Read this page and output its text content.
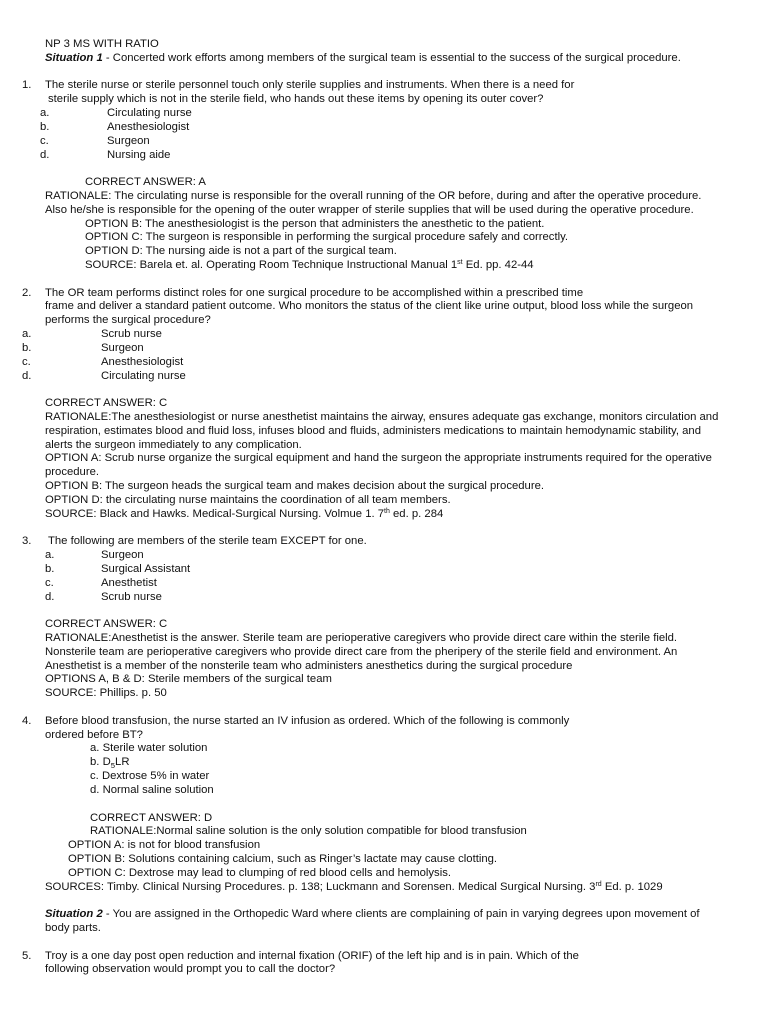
NP 3 MS WITH RATIO
Situation 1 - Concerted work efforts among members of the surgical team is essential to the success of the surgical procedure.
1. The sterile nurse or sterile personnel touch only sterile supplies and instruments. When there is a need for
sterile supply which is not in the sterile field, who hands out these items by opening its outer cover?
a.	Circulating nurse
b.	Anesthesiologist
c.	Surgeon
d.	Nursing aide
CORRECT ANSWER: A
RATIONALE: The circulating nurse is responsible for the overall running of the OR before, during and after the operative procedure.
Also he/she is responsible for the opening of the outer wrapper of sterile supplies that will be used during the operative procedure.
OPTION B: The anesthesiologist is the person that administers the anesthetic to the patient.
OPTION C: The surgeon is responsible in performing the surgical procedure safely and correctly.
OPTION D: The nursing aide is not a part of the surgical team.
SOURCE: Barela et. al. Operating Room Technique Instructional Manual 1st Ed. pp. 42-44
2. The OR team performs distinct roles for one surgical procedure to be accomplished within a prescribed time
frame and deliver a standard patient outcome. Who monitors the status of the client like urine output, blood loss while the surgeon
performs the surgical procedure?
a.	Scrub nurse
b.	Surgeon
c.	Anesthesiologist
d.	Circulating nurse
CORRECT ANSWER: C
RATIONALE:The anesthesiologist or nurse anesthetist maintains the airway, ensures adequate gas exchange, monitors circulation and
respiration, estimates blood and fluid loss, infuses blood and fluids, administers medications to maintain hemodynamic stability, and
alerts the surgeon immediately to any complication.
OPTION A: Scrub nurse organize the surgical equipment and hand the surgeon the appropriate instruments required for the operative
procedure.
OPTION B: The surgeon heads the surgical team and makes decision about the surgical procedure.
OPTION D: the circulating nurse maintains the coordination of all team members.
SOURCE: Black and Hawks. Medical-Surgical Nursing. Volmue 1. 7th ed. p. 284
3. The following are members of the sterile team EXCEPT for one.
a.	Surgeon
b.	Surgical Assistant
c.	Anesthetist
d.	Scrub nurse
CORRECT ANSWER: C
RATIONALE:Anesthetist is the answer. Sterile team are perioperative caregivers who provide direct care within the sterile field.
Nonsterile team are perioperative caregivers who provide direct care from the pheripery of the sterile field and environment. An
Anesthetist is a member of the nonsterile team who administers anesthetics during the surgical procedure
OPTIONS A, B & D: Sterile members of the surgical team
SOURCE: Phillips. p. 50
4. Before blood transfusion, the nurse started an IV infusion as ordered. Which of the following is commonly
ordered before BT?
a. Sterile water solution
b. $D_5LR$
c. Dextrose 5% in water
d. Normal saline solution
CORRECT ANSWER: D
RATIONALE:Normal saline solution is the only solution compatible for blood transfusion
OPTION A: is not for blood transfusion
OPTION B: Solutions containing calcium, such as Ringer’s lactate may cause clotting.
OPTION C: Dextrose may lead to clumping of red blood cells and hemolysis.
SOURCES: Timby. Clinical Nursing Procedures. p. 138; Luckmann and Sorensen. Medical Surgical Nursing. 3rd Ed. p. 1029
Situation 2 - You are assigned in the Orthopedic Ward where clients are complaining of pain in varying degrees upon movement of
body parts.
5. Troy is a one day post open reduction and internal fixation (ORIF) of the left hip and is in pain. Which of the
following observation would prompt you to call the doctor?
